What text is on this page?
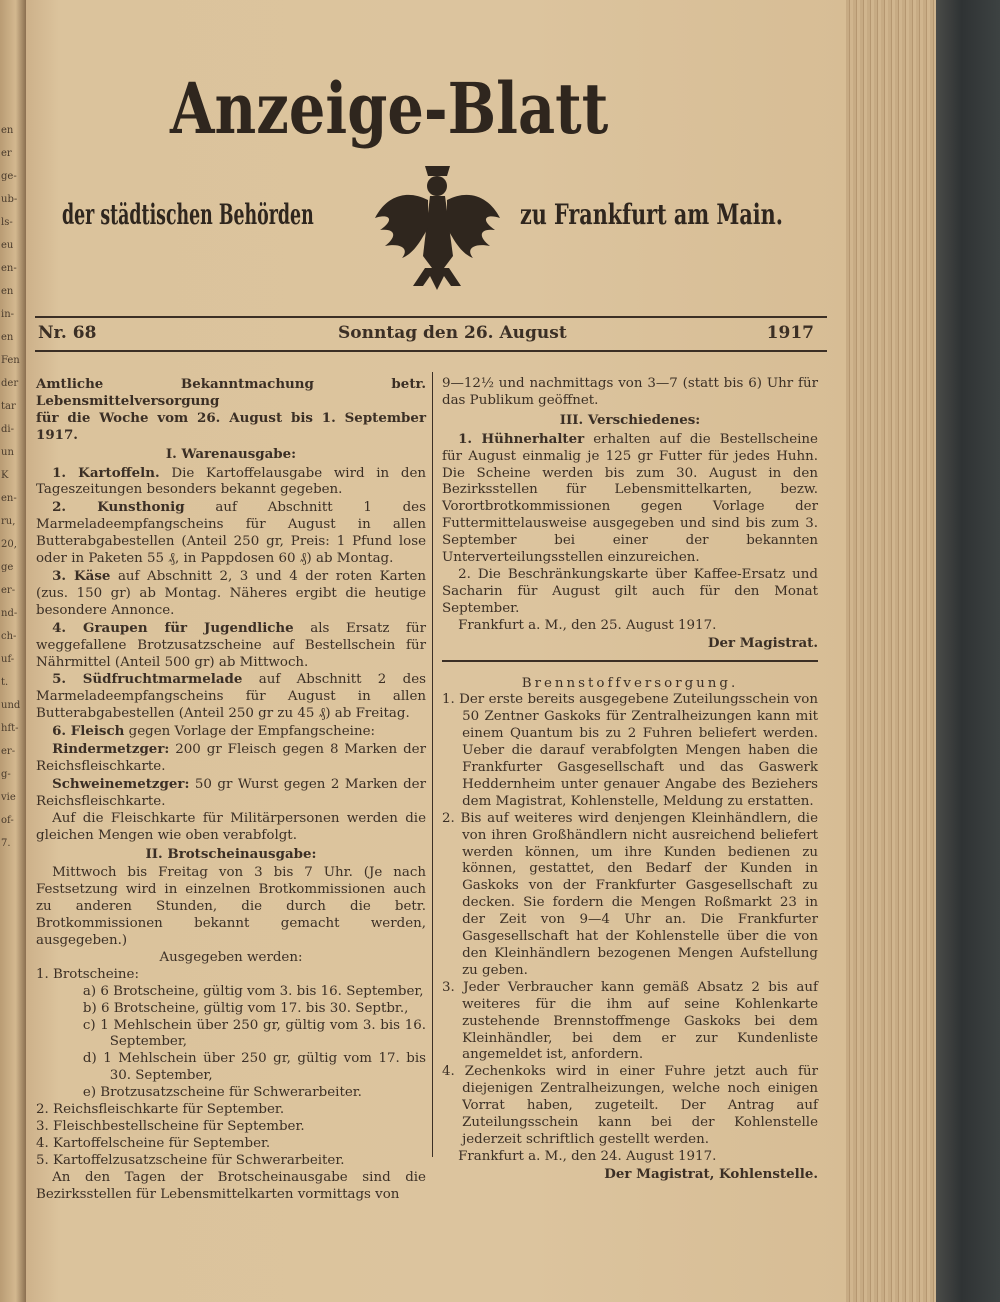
en
er
ge-
ub-
ls-
eu
en-
en
in-
en
Fen
der
tar
di-
un
K
en-
ru,
20,
ge
er-
nd-
ch-
uf-
t.
und
hft-
er-
g-
vie
of-
7.
Anzeige-Blatt
der städtischen Behörden	zu Frankfurt am Main.
Nr. 68	Sonntag den 26. August	1917

Amtliche Bekanntmachung betr. Lebensmittelversorgung

für die Woche vom 26. August bis 1. September 1917.

I. Warenausgabe:

1. Kartoffeln. Die Kartoffelausgabe wird in den Tageszeitungen besonders bekannt gegeben.

2. Kunsthonig auf Abschnitt 1 des Marmeladeempfangscheins für August in allen Butterabgabestellen (Anteil 250 gr, Preis: 1 Pfund lose oder in Paketen 55 ₰, in Pappdosen 60 ₰) ab Montag.

3. Käse auf Abschnitt 2, 3 und 4 der roten Karten (zus. 150 gr) ab Montag. Näheres ergibt die heutige besondere Annonce.

4. Graupen für Jugendliche als Ersatz für weggefallene Brotzusatzscheine auf Bestellschein für Nährmittel (Anteil 500 gr) ab Mittwoch.

5. Südfruchtmarmelade auf Abschnitt 2 des Marmeladeempfangscheins für August in allen Butterabgabestellen (Anteil 250 gr zu 45 ₰) ab Freitag.

6. Fleisch gegen Vorlage der Empfangscheine:

Rindermetzger: 200 gr Fleisch gegen 8 Marken der Reichsfleischkarte.

Schweinemetzger: 50 gr Wurst gegen 2 Marken der Reichsfleischkarte.

Auf die Fleischkarte für Militärpersonen werden die gleichen Mengen wie oben verabfolgt.

II. Brotscheinausgabe:

Mittwoch bis Freitag von 3 bis 7 Uhr. (Je nach Festsetzung wird in einzelnen Brotkommissionen auch zu anderen Stunden, die durch die betr. Brotkommissionen bekannt gemacht werden, ausgegeben.)

Ausgegeben werden:

1. Brotscheine:

a) 6 Brotscheine, gültig vom 3. bis 16. September,

b) 6 Brotscheine, gültig vom 17. bis 30. Septbr.,

c) 1 Mehlschein über 250 gr, gültig vom 3. bis 16. September,

d) 1 Mehlschein über 250 gr, gültig vom 17. bis 30. September,

e) Brotzusatzscheine für Schwerarbeiter.

2. Reichsfleischkarte für September.

3. Fleischbestellscheine für September.

4. Kartoffelscheine für September.

5. Kartoffelzusatzscheine für Schwerarbeiter.

An den Tagen der Brotscheinausgabe sind die Bezirksstellen für Lebensmittelkarten vormittags von

9—12½ und nachmittags von 3—7 (statt bis 6) Uhr für das Publikum geöffnet.

III. Verschiedenes:

1. Hühnerhalter erhalten auf die Bestellscheine für August einmalig je 125 gr Futter für jedes Huhn. Die Scheine werden bis zum 30. August in den Bezirksstellen für Lebensmittelkarten, bezw. Vorortbrotkommissionen gegen Vorlage der Futtermittelausweise ausgegeben und sind bis zum 3. September bei einer der bekannten Unterverteilungsstellen einzureichen.

2. Die Beschränkungskarte über Kaffee-Ersatz und Sacharin für August gilt auch für den Monat September.

Frankfurt a. M., den 25. August 1917.

Der Magistrat.

Brennstoffversorgung.

1. Der erste bereits ausgegebene Zuteilungsschein von 50 Zentner Gaskoks für Zentralheizungen kann mit einem Quantum bis zu 2 Fuhren beliefert werden. Ueber die darauf verabfolgten Mengen haben die Frankfurter Gasgesellschaft und das Gaswerk Heddernheim unter genauer Angabe des Beziehers dem Magistrat, Kohlenstelle, Meldung zu erstatten.

2. Bis auf weiteres wird denjengen Kleinhändlern, die von ihren Großhändlern nicht ausreichend beliefert werden können, um ihre Kunden bedienen zu können, gestattet, den Bedarf der Kunden in Gaskoks von der Frankfurter Gasgesellschaft zu decken. Sie fordern die Mengen Roßmarkt 23 in der Zeit von 9—4 Uhr an. Die Frankfurter Gasgesellschaft hat der Kohlenstelle über die von den Kleinhändlern bezogenen Mengen Aufstellung zu geben.

3. Jeder Verbraucher kann gemäß Absatz 2 bis auf weiteres für die ihm auf seine Kohlenkarte zustehende Brennstoffmenge Gaskoks bei dem Kleinhändler, bei dem er zur Kundenliste angemeldet ist, anfordern.

4. Zechenkoks wird in einer Fuhre jetzt auch für diejenigen Zentralheizungen, welche noch einigen Vorrat haben, zugeteilt. Der Antrag auf Zuteilungsschein kann bei der Kohlenstelle jederzeit schriftlich gestellt werden.

Frankfurt a. M., den 24. August 1917.

Der Magistrat, Kohlenstelle.
